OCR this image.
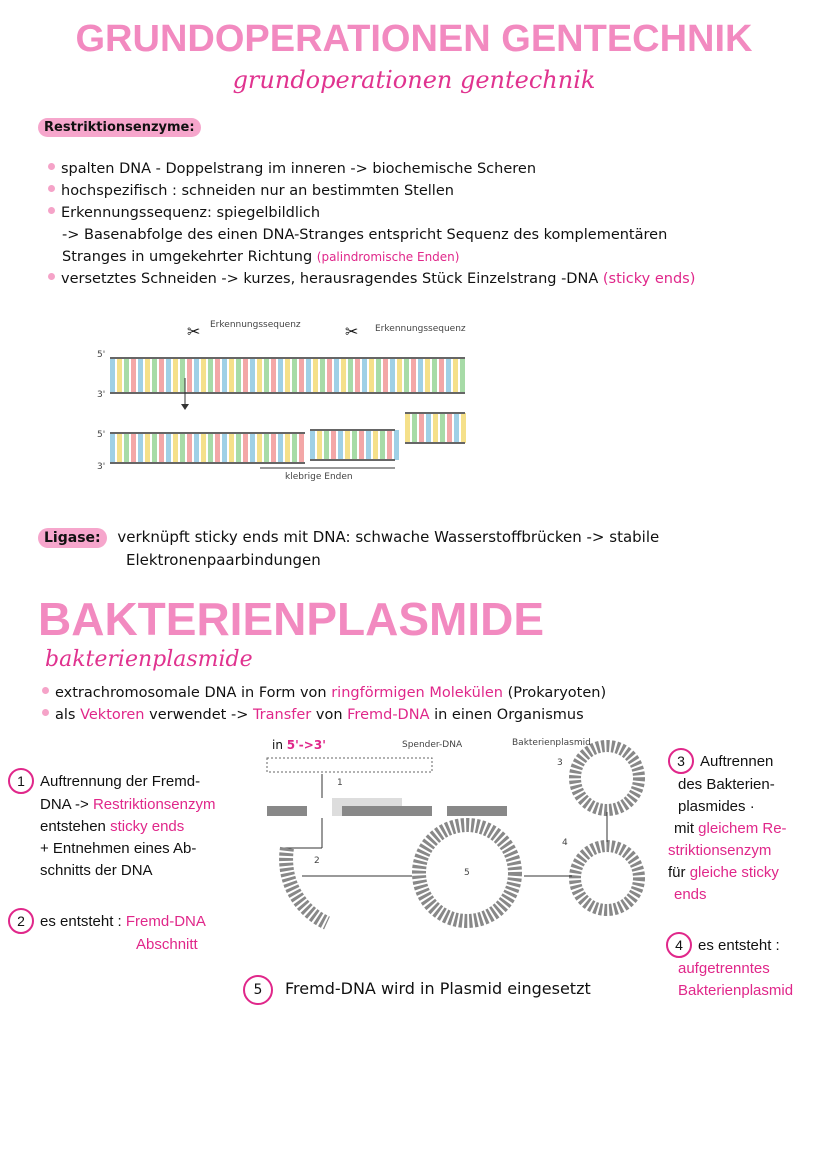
GRUNDOPERATIONEN GENTECHNIK
grundoperationen gentechnik
Restriktionsenzyme:
spalten DNA - Doppelstrang im inneren -> biochemische Scheren
hochspezifisch : schneiden nur an bestimmten Stellen
Erkennungssequenz: spiegelbildlich
-> Basenabfolge des einen DNA-Stranges entspricht Sequenz des komplementären
Stranges in umgekehrter Richtung (palindromische Enden)
versetztes Schneiden -> kurzes, herausragendes Stück Einzelstrang -DNA (sticky ends)
Erkennungssequenz	Erkennungssequenz
5'
3'
5'
3'
✂	✂
klebrige Enden
Ligase: verknüpft sticky ends mit DNA: schwache Wasserstoffbrücken -> stabile
Elektronenpaarbindungen
BAKTERIENPLASMIDE
bakterienplasmide
extrachromosomale DNA in Form von ringförmigen Molekülen (Prokaryoten)
als Vektoren verwendet -> Transfer von Fremd-DNA in einen Organismus
in 5'->3'	Spender-DNA	Bakterienplasmid
1
2
3
4
5
1 Auftrennung der Fremd-
DNA -> Restriktionsenzym
entstehen sticky ends
+ Entnehmen eines Ab-
schnitts der DNA
2 es entsteht : Fremd-DNA
Abschnitt
3 Auftrennen
des Bakterien-
plasmides ·
mit gleichem Re-
striktionsenzym
für gleiche sticky
ends
4 es entsteht :
aufgetrenntes
Bakterienplasmid
5 Fremd-DNA wird in Plasmid eingesetzt
